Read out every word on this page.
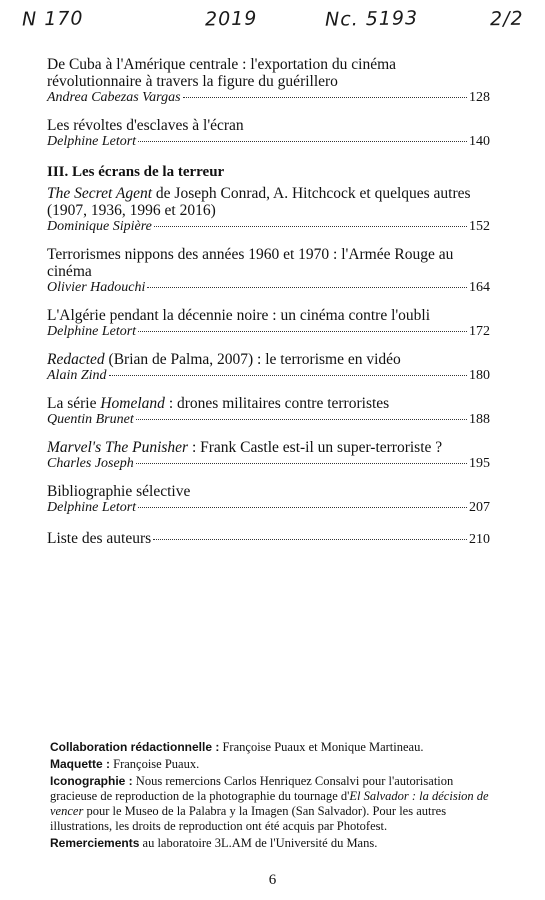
N 170	2019	Nc. 5193	2/2
De Cuba à l'Amérique centrale : l'exportation du cinéma révolutionnaire à travers la figure du guérillero
Andrea Cabezas Vargas	128
Les révoltes d'esclaves à l'écran
Delphine Letort	140
III. Les écrans de la terreur
The Secret Agent de Joseph Conrad, A. Hitchcock et quelques autres (1907, 1936, 1996 et 2016)
Dominique Sipière	152
Terrorismes nippons des années 1960 et 1970 : l'Armée Rouge au cinéma
Olivier Hadouchi	164
L'Algérie pendant la décennie noire : un cinéma contre l'oubli
Delphine Letort	172
Redacted (Brian de Palma, 2007) : le terrorisme en vidéo
Alain Zind	180
La série Homeland : drones militaires contre terroristes
Quentin Brunet	188
Marvel's The Punisher : Frank Castle est-il un super-terroriste ?
Charles Joseph	195
Bibliographie sélective
Delphine Letort	207
Liste des auteurs	210

Collaboration rédactionnelle : Françoise Puaux et Monique Martineau.

Maquette : Françoise Puaux.

Iconographie : Nous remercions Carlos Henriquez Consalvi pour l'autorisation gracieuse de reproduction de la photographie du tournage d'El Salvador : la décision de vencer pour le Museo de la Palabra y la Imagen (San Salvador). Pour les autres illustrations, les droits de reproduction ont été acquis par Photofest.

Remerciements au laboratoire 3L.AM de l'Université du Mans.

6
